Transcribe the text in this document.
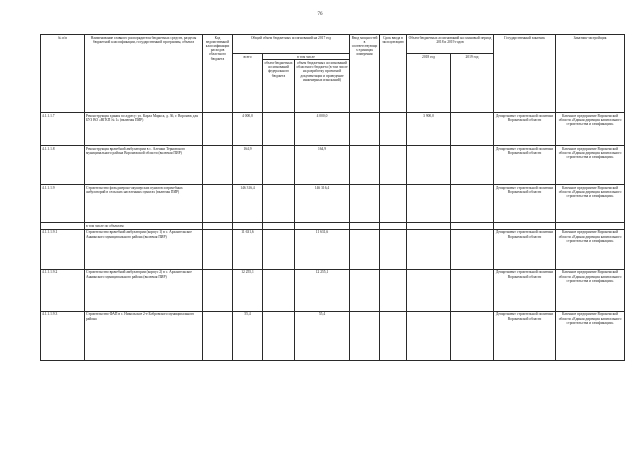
76
№ п/п	Наименование главного распорядителя бюджетных средств, разделы бюджетной классификации, государственной программы, объекта	Код ведомственной классификации расходов областного бюджета	Общий объем бюджетных ассигнований на 2017 год			Ввод мощностей в соответствующих единицах измерения	Срок ввода в эксплуатацию	Объем бюджетных ассигнований на плановый период 2018 и 2019 годов		Государственный заказчик	Заказчик-застройщик
			всего	в том числе				2018 год	2019 год		
				объем бюджетных ассигнований федерального бюджета	объем бюджетных ассигнований областного бюджета (в том числе на разработку проектной документации и проведение инженерных изысканий)						
4.1.1.1.7	Реконструкция здания по адресу: ул. Карла Маркса, д. 36, г. Воронеж для БУЗ ВО «ВГКП № 1» (включая ПИР)		4 000,0		4 000,0			3 900,0		Департамент строительной политики Воронежской области	Казенное предприятие Воронежской области «Единая дирекция капитального строительства и газификации»
4.1.1.1.8	Реконструкция врачебной амбулатории в с. Алешки Терновского муниципального района Воронежской области (включая ПИР)		164,9		164,9					Департамент строительной политики Воронежской области	Казенное предприятие Воронежской области «Единая дирекция капитального строительства и газификации»
4.1.1.1.9	Строительство фельдшерско-акушерских пунктов и врачебных амбулаторий в сельских населенных пунктах (включая ПИР)		146 316,4		146 316,4					Департамент строительной политики Воронежской области	Казенное предприятие Воронежской области «Единая дирекция капитального строительства и газификации»
	в том числе по объектам:										
4.1.1.1.9.1	Строительство врачебной амбулатории (корпус 1) в с. Архангельское Аннинского муниципального района (включая ПИР)		11 631,6		11 631,6					Департамент строительной политики Воронежской области	Казенное предприятие Воронежской области «Единая дирекция капитального строительства и газификации»
4.1.1.1.9.2	Строительство врачебной амбулатории (корпус 2) в с. Архангельское Аннинского муниципального района (включая ПИР)		12 255,1		12 255,1					Департамент строительной политики Воронежской области	Казенное предприятие Воронежской области «Единая дирекция капитального строительства и газификации»
4.1.1.1.9.3	Строительство ФАП в с. Никольское 2-е Бобровского муниципального района		55,4		55,4					Департамент строительной политики Воронежской области	Казенное предприятие Воронежской области «Единая дирекция капитального строительства и газификации»
